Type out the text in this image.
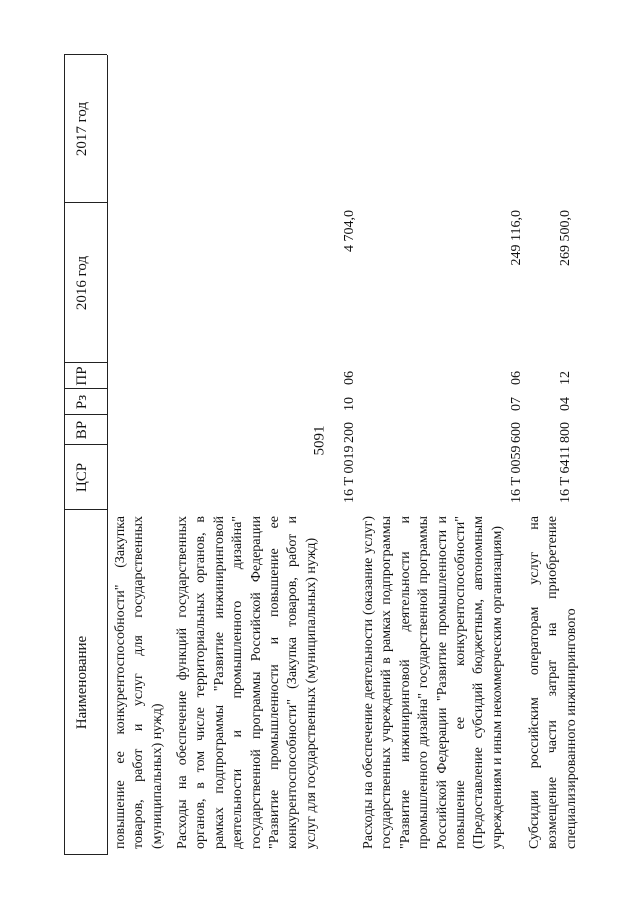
5091
Наименование
ЦСР
ВР
Рз
ПР
2016 год
2017 год
повышение ее конкурентоспособности" (Закупка товаров, работ и услуг для государственных (муниципальных) нужд) Расходы на обеспечение функций государственных органов, в том числе территориальных органов, в рамках подпрограммы "Развитие инжиниринговой деятельности и промышленного дизайна" государственной программы Российской Федерации "Развитие промышленности и повышение ее конкурентоспособности" (Закупка товаров, работ и услуг для государственных (муниципальных) нужд)
16 Т 0019
200
10
06
4 704,0
Расходы на обеспечение деятельности (оказание услуг) государственных учреждений в рамках подпрограммы "Развитие инжиниринговой деятельности и промышленного дизайна" государственной программы Российской Федерации "Развитие промышленности и повышение ее конкурентоспособности" (Предоставление субсидий бюджетным, автономным учреждениям и иным некоммерческим организациям)
16 Т 0059
600
07
06
249 116,0
Субсидии российским операторам услуг на возмещение части затрат на приобретение специализированного инжинирингового
16 Т 6411
800
04
12
269 500,0
